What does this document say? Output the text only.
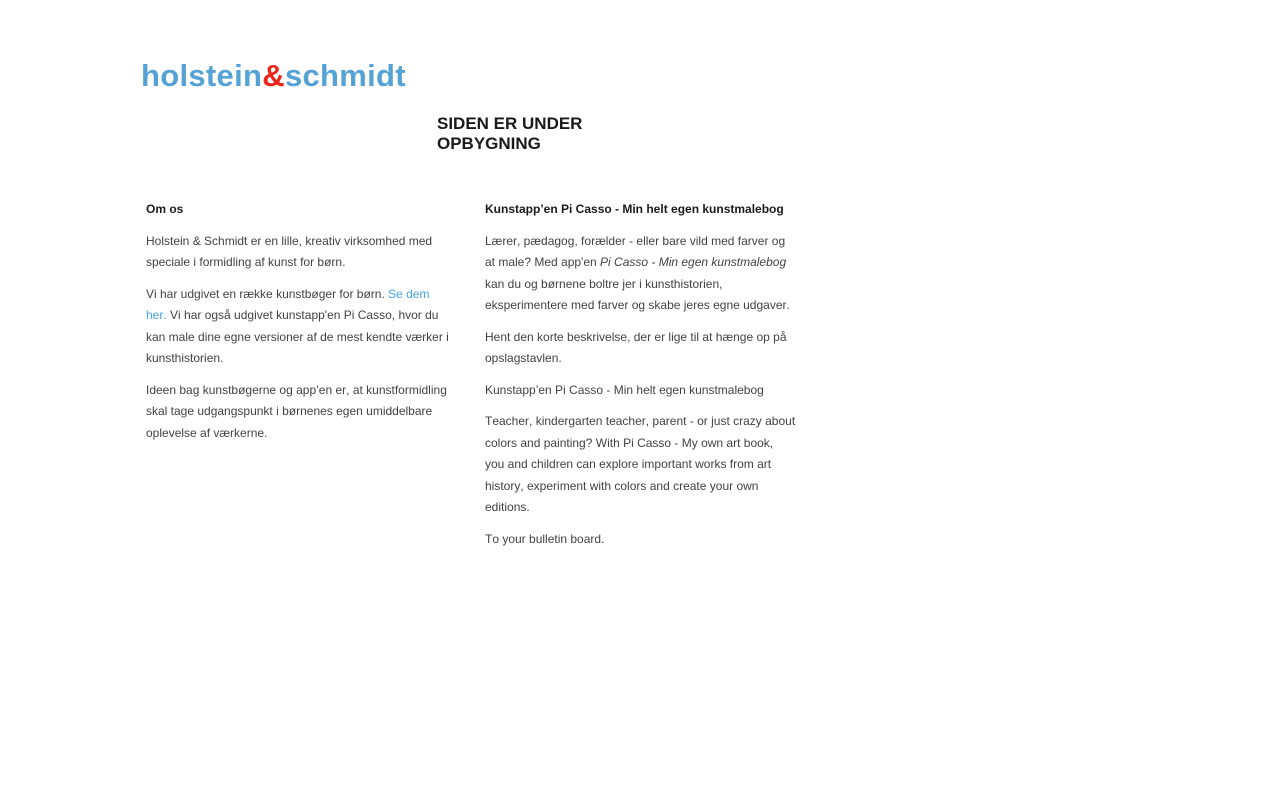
holstein&schmidt
SIDEN ER UNDER OPBYGNING

Om os

Holstein & Schmidt er en lille, kreativ virksomhed med speciale i formidling af kunst for børn.

Vi har udgivet en række kunstbøger for børn. Se dem her. Vi har også udgivet kunstapp'en Pi Casso, hvor du kan male dine egne versioner af de mest kendte værker i kunsthistorien.

Ideen bag kunstbøgerne og app’en er, at kunstformidling skal tage udgangspunkt i børnenes egen umiddelbare oplevelse af værkerne.

Kunstapp’en Pi Casso - Min helt egen kunstmalebog

Lærer, pædagog, forælder - eller bare vild med farver og at male? Med app'en Pi Casso - Min egen kunstmalebog kan du og børnene boltre jer i kunsthistorien, eksperimentere med farver og skabe jeres egne udgaver.

Hent den korte beskrivelse, der er lige til at hænge op på opslagstavlen.

Kunstapp’en Pi Casso - Min helt egen kunstmalebog

Teacher, kindergarten teacher, parent - or just crazy about colors and painting? With Pi Casso - My own art book, you and children can explore important works from art history, experiment with colors and create your own editions.

To your bulletin board.
